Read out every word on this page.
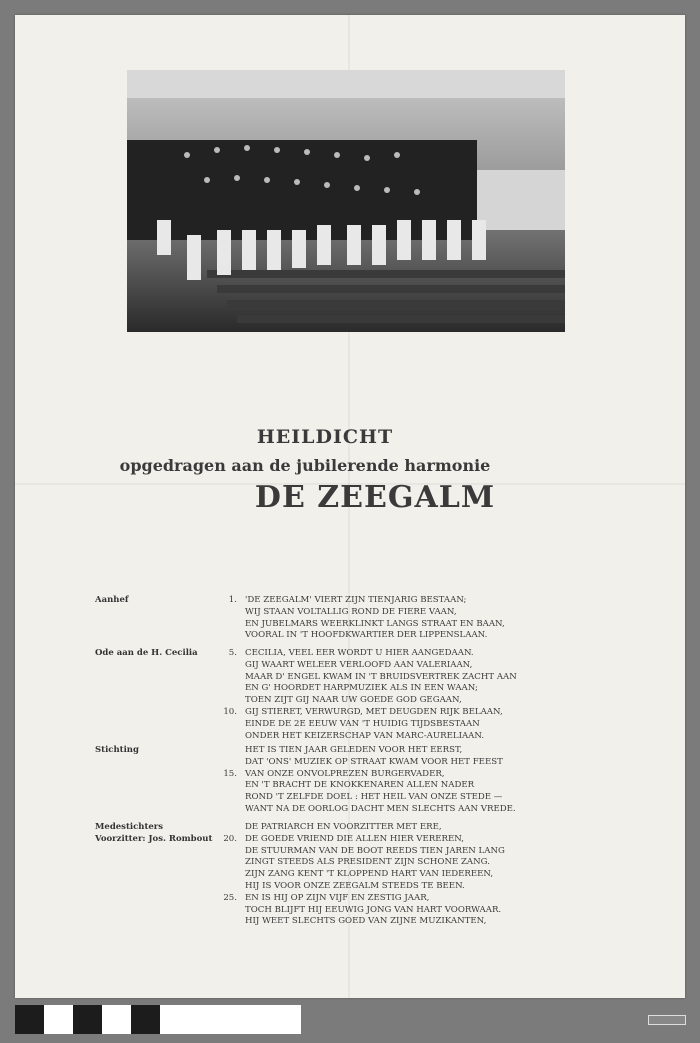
HEILDICHT
opgedragen aan de jubilerende harmonie
DE ZEEGALM
Aanhef	1. 'DE ZEEGALM' VIERT ZIJN TIENJARIG BESTAAN;
WIJ STAAN VOLTALLIG ROND DE FIERE VAAN,
EN JUBELMARS WEERKLINKT LANGS STRAAT EN BAAN,
VOORAL IN 'T HOOFDKWARTIER DER LIPPENSLAAN.
Ode aan de H. Cecilia	5. CECILIA, VEEL EER WORDT U HIER AANGEDAAN.
GIJ WAART WELEER VERLOOFD AAN VALERIAAN,
MAAR D' ENGEL KWAM IN 'T BRUIDSVERTREK ZACHT AAN
EN G' HOORDET HARPMUZIEK ALS IN EEN WAAN;
TOEN ZIJT GIJ NAAR UW GOEDE GOD GEGAAN,
10. GIJ STIERET, VERWURGD, MET DEUGDEN RIJK BELAAN,
EINDE DE 2E EEUW VAN 'T HUIDIG TIJDSBESTAAN
ONDER HET KEIZERSCHAP VAN MARC-AURELIAAN.
Stichting	HET IS TIEN JAAR GELEDEN VOOR HET EERST,
DAT 'ONS' MUZIEK OP STRAAT KWAM VOOR HET FEEST
15. VAN ONZE ONVOLPREZEN BURGERVADER,
EN 'T BRACHT DE KNOKKENAREN ALLEN NADER
ROND 'T ZELFDE DOEL : HET HEIL VAN ONZE STEDE —
WANT NA DE OORLOG DACHT MEN SLECHTS AAN VREDE.
Medestichters
Voorzitter: Jos. Rombout
DE PATRIARCH EN VOORZITTER MET ERE,
20. DE GOEDE VRIEND DIE ALLEN HIER VEREREN,
DE STUURMAN VAN DE BOOT REEDS TIEN JAREN LANG
ZINGT STEEDS ALS PRESIDENT ZIJN SCHONE ZANG.
ZIJN ZANG KENT 'T KLOPPEND HART VAN IEDEREEN,
HIJ IS VOOR ONZE ZEEGALM STEEDS TE BEEN.
25. EN IS HIJ OP ZIJN VIJF EN ZESTIG JAAR,
TOCH BLIJFT HIJ EEUWIG JONG VAN HART VOORWAAR.
HIJ WEET SLECHTS GOED VAN ZIJNE MUZIKANTEN,
